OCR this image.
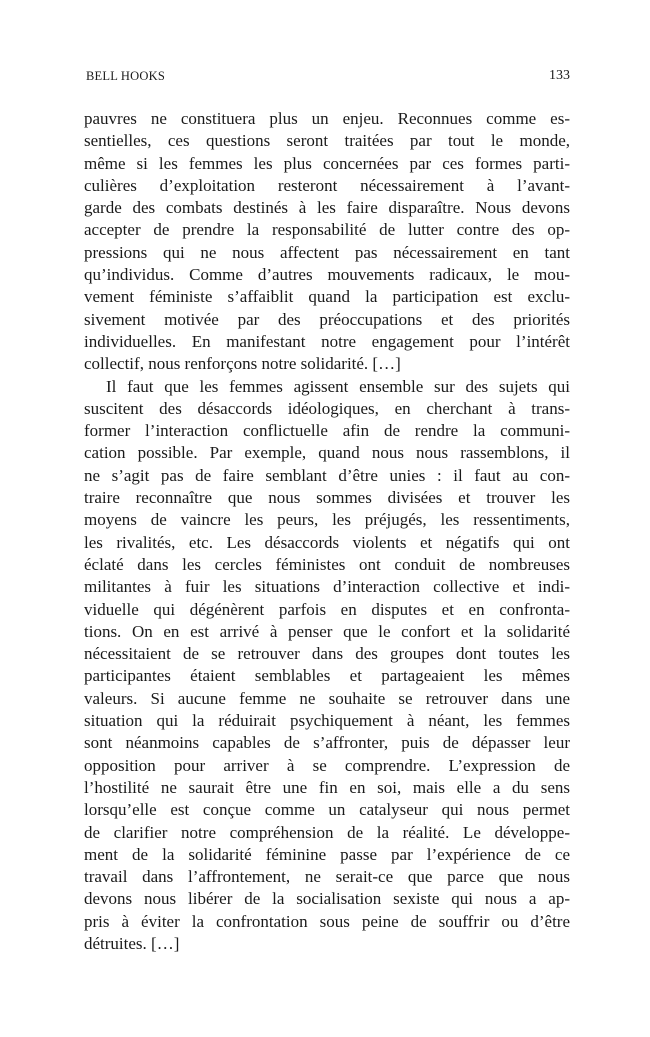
BELL HOOKS	133
pauvres ne constituera plus un enjeu. Reconnues comme es-
sentielles, ces questions seront traitées par tout le monde,
même si les femmes les plus concernées par ces formes parti-
culières d’exploitation resteront nécessairement à l’avant-
garde des combats destinés à les faire disparaître. Nous devons
accepter de prendre la responsabilité de lutter contre des op-
pressions qui ne nous affectent pas nécessairement en tant
qu’individus. Comme d’autres mouvements radicaux, le mou-
vement féministe s’affaiblit quand la participation est exclu-
sivement motivée par des préoccupations et des priorités
individuelles. En manifestant notre engagement pour l’intérêt
collectif, nous renforçons notre solidarité. […]
Il faut que les femmes agissent ensemble sur des sujets qui
suscitent des désaccords idéologiques, en cherchant à trans-
former l’interaction conflictuelle afin de rendre la communi-
cation possible. Par exemple, quand nous nous rassemblons, il
ne s’agit pas de faire semblant d’être unies : il faut au con-
traire reconnaître que nous sommes divisées et trouver les
moyens de vaincre les peurs, les préjugés, les ressentiments,
les rivalités, etc. Les désaccords violents et négatifs qui ont
éclaté dans les cercles féministes ont conduit de nombreuses
militantes à fuir les situations d’interaction collective et indi-
viduelle qui dégénèrent parfois en disputes et en confronta-
tions. On en est arrivé à penser que le confort et la solidarité
nécessitaient de se retrouver dans des groupes dont toutes les
participantes étaient semblables et partageaient les mêmes
valeurs. Si aucune femme ne souhaite se retrouver dans une
situation qui la réduirait psychiquement à néant, les femmes
sont néanmoins capables de s’affronter, puis de dépasser leur
opposition pour arriver à se comprendre. L’expression de
l’hostilité ne saurait être une fin en soi, mais elle a du sens
lorsqu’elle est conçue comme un catalyseur qui nous permet
de clarifier notre compréhension de la réalité. Le développe-
ment de la solidarité féminine passe par l’expérience de ce
travail dans l’affrontement, ne serait-ce que parce que nous
devons nous libérer de la socialisation sexiste qui nous a ap-
pris à éviter la confrontation sous peine de souffrir ou d’être
détruites. […]
